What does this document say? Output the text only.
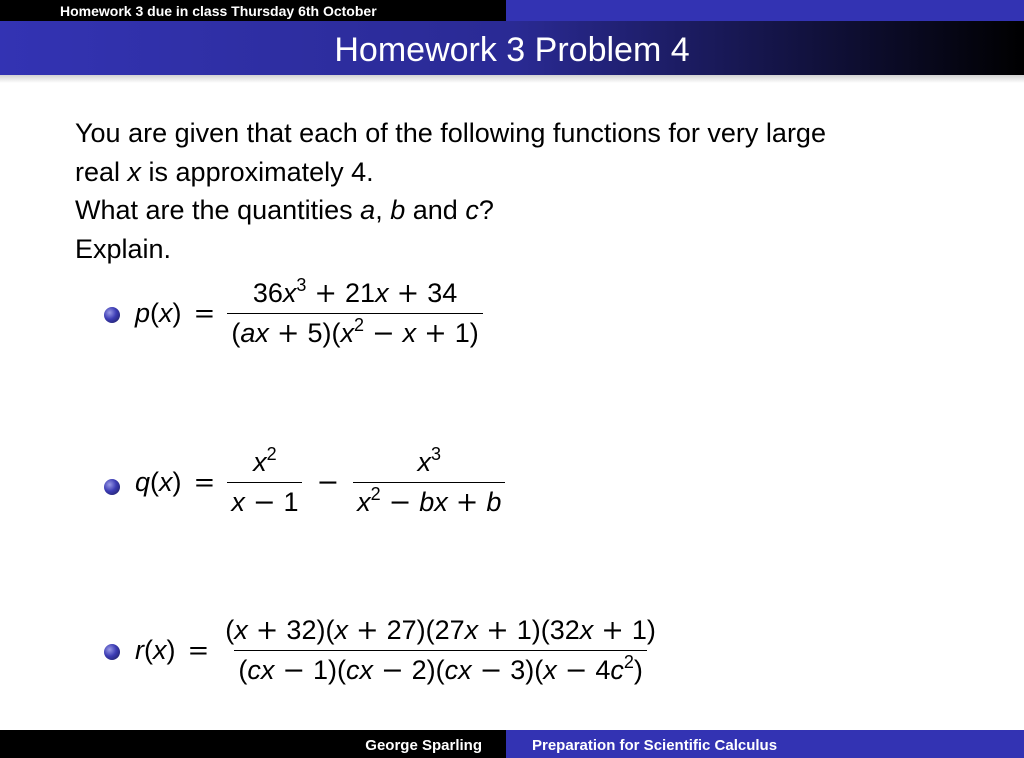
Homework 3 due in class Thursday 6th October
Homework 3 Problem 4
You are given that each of the following functions for very large
real x is approximately 4.
What are the quantities a, b and c?
Explain.
$p(x) = \frac{36x^3 + 21x + 34}{(ax + 5)(x^2 - x + 1)}$
$q(x) = \frac{x^2}{x - 1} - \frac{x^3}{x^2 - bx + b}$
$r(x) = \frac{(x + 32)(x + 27)(27x + 1)(32x + 1)}{(cx - 1)(cx - 2)(cx - 3)(x - 4c^2)}$
George Sparling	Preparation for Scientific Calculus
